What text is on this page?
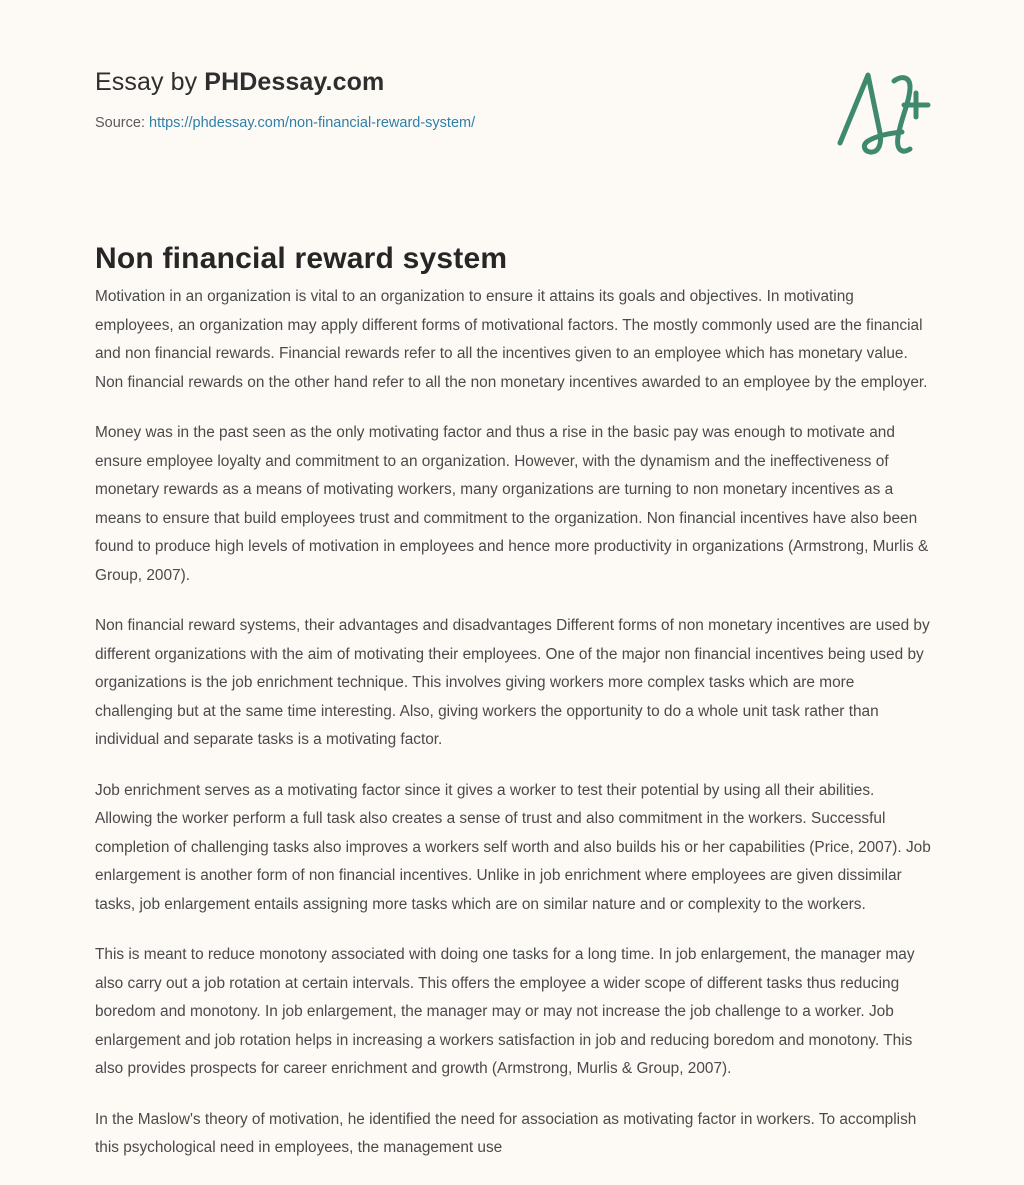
Essay by PHDessay.com
Source: https://phdessay.com/non-financial-reward-system/
Non financial reward system

Motivation in an organization is vital to an organization to ensure it attains its goals and objectives. In motivating employees, an organization may apply different forms of motivational factors. The mostly commonly used are the financial and non financial rewards. Financial rewards refer to all the incentives given to an employee which has monetary value. Non financial rewards on the other hand refer to all the non monetary incentives awarded to an employee by the employer.

Money was in the past seen as the only motivating factor and thus a rise in the basic pay was enough to motivate and ensure employee loyalty and commitment to an organization. However, with the dynamism and the ineffectiveness of monetary rewards as a means of motivating workers, many organizations are turning to non monetary incentives as a means to ensure that build employees trust and commitment to the organization. Non financial incentives have also been found to produce high levels of motivation in employees and hence more productivity in organizations (Armstrong, Murlis & Group, 2007).

Non financial reward systems, their advantages and disadvantages Different forms of non monetary incentives are used by different organizations with the aim of motivating their employees. One of the major non financial incentives being used by organizations is the job enrichment technique. This involves giving workers more complex tasks which are more challenging but at the same time interesting. Also, giving workers the opportunity to do a whole unit task rather than individual and separate tasks is a motivating factor.

Job enrichment serves as a motivating factor since it gives a worker to test their potential by using all their abilities. Allowing the worker perform a full task also creates a sense of trust and also commitment in the workers. Successful completion of challenging tasks also improves a workers self worth and also builds his or her capabilities (Price, 2007). Job enlargement is another form of non financial incentives. Unlike in job enrichment where employees are given dissimilar tasks, job enlargement entails assigning more tasks which are on similar nature and or complexity to the workers.

This is meant to reduce monotony associated with doing one tasks for a long time. In job enlargement, the manager may also carry out a job rotation at certain intervals. This offers the employee a wider scope of different tasks thus reducing boredom and monotony. In job enlargement, the manager may or may not increase the job challenge to a worker. Job enlargement and job rotation helps in increasing a workers satisfaction in job and reducing boredom and monotony. This also provides prospects for career enrichment and growth (Armstrong, Murlis & Group, 2007).

In the Maslow's theory of motivation, he identified the need for association as motivating factor in workers. To accomplish this psychological need in employees, the management use
